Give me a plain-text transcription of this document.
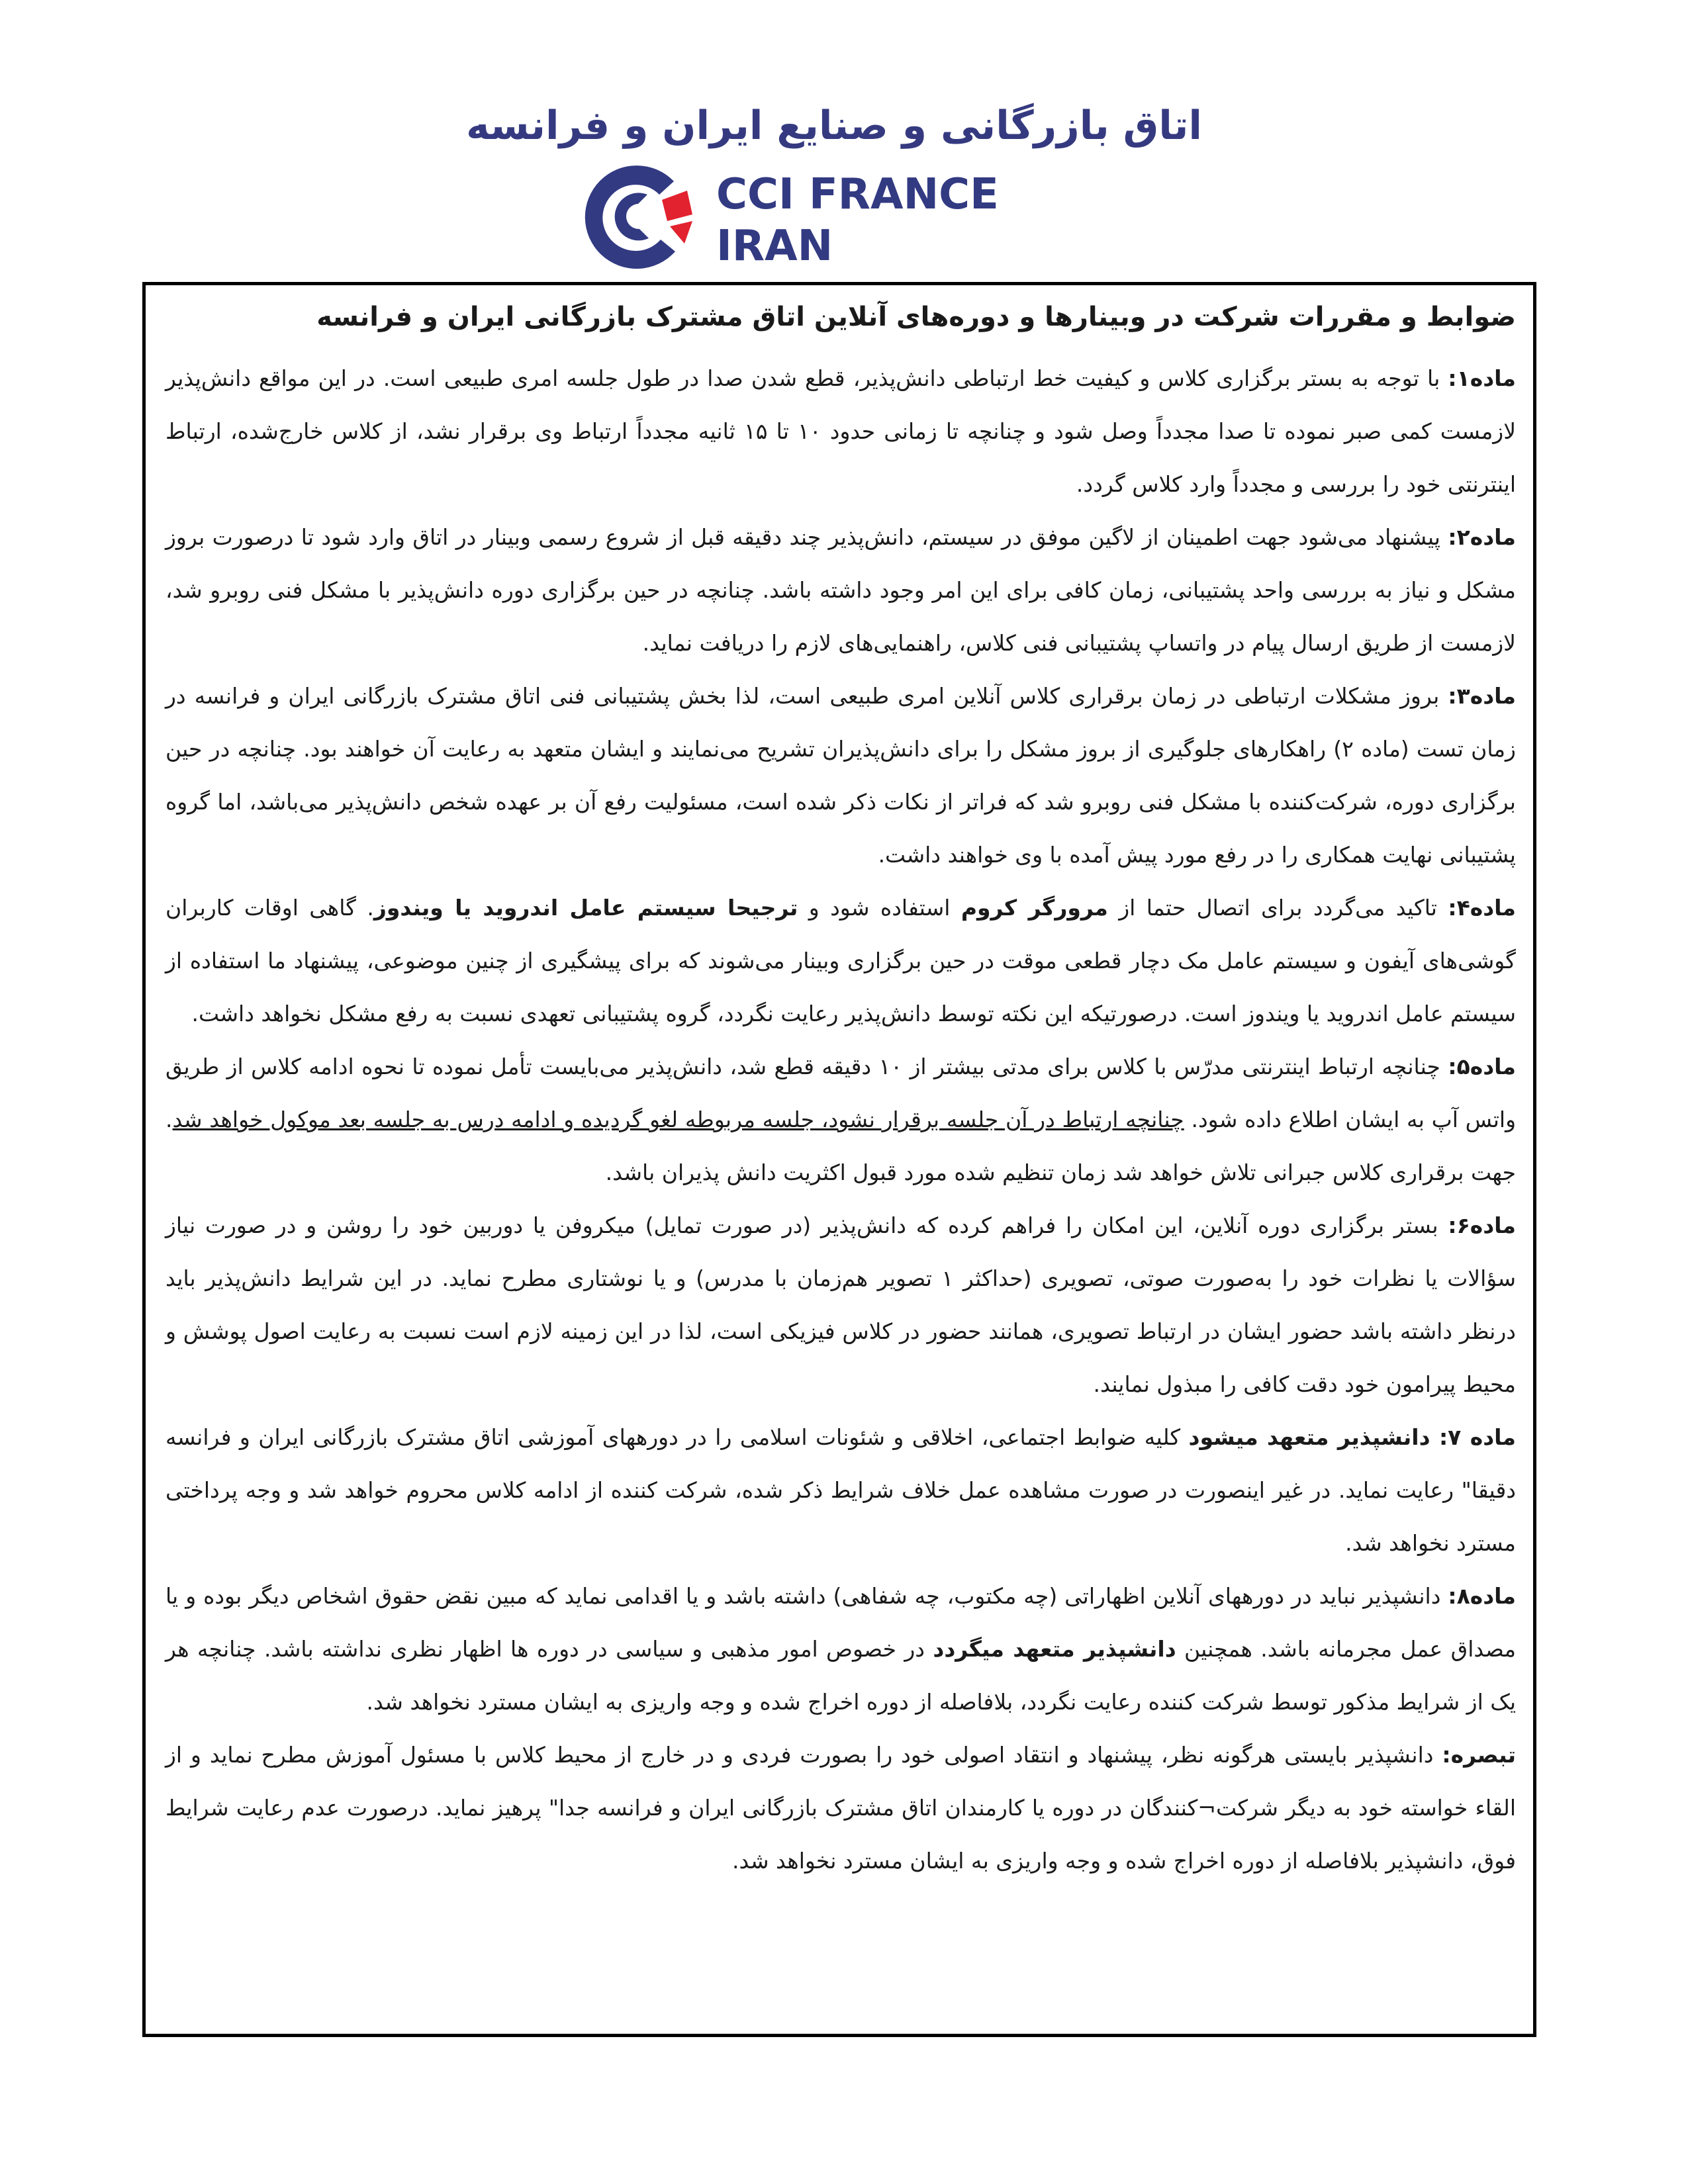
اتاق بازرگانی و صنایع ایران و فرانسه
CCI FRANCE
IRAN
ضوابط و مقررات شرکت در وبینارها و دوره‌های آنلاین اتاق مشترک بازرگانی ایران و فرانسه

ماده۱: با توجه به بستر برگزاری کلاس و کیفیت خط ارتباطی دانش‌پذیر، قطع شدن صدا در طول جلسه امری طبیعی است. در این مواقع دانش‌پذیر لازمست کمی صبر نموده تا صدا مجدداً وصل شود و چنانچه تا زمانی حدود ۱۰ تا ۱۵ ثانیه مجدداً ارتباط وی برقرار نشد، از کلاس خارج‌شده، ارتباط اینترنتی خود را بررسی و مجدداً وارد کلاس گردد.

ماده۲: پیشنهاد می‌شود جهت اطمینان از لاگین موفق در سیستم، دانش‌پذیر چند دقیقه قبل از شروع رسمی وبینار در اتاق وارد شود تا درصورت بروز مشکل و نیاز به بررسی واحد پشتیبانی، زمان کافی برای این امر وجود داشته باشد. چنانچه در حین برگزاری دوره دانش‌پذیر با مشکل فنی روبرو شد، لازمست از طریق ارسال پیام در واتساپ پشتیبانی فنی کلاس، راهنمایی‌های لازم را دریافت نماید.

ماده۳: بروز مشکلات ارتباطی در زمان برقراری کلاس آنلاین امری طبیعی است، لذا بخش پشتیبانی فنی اتاق مشترک بازرگانی ایران و فرانسه در زمان تست (ماده ۲) راهکارهای جلوگیری از بروز مشکل را برای دانش‌پذیران تشریح می‌نمایند و ایشان متعهد به رعایت آن خواهند بود. چنانچه در حین برگزاری دوره، شرکت‌کننده با مشکل فنی روبرو شد که فراتر از نکات ذکر شده است، مسئولیت رفع آن بر عهده شخص دانش‌پذیر می‌باشد، اما گروه پشتیبانی نهایت همکاری را در رفع مورد پیش آمده با وی خواهند داشت.

ماده۴: تاکید می‌گردد برای اتصال حتما از مرورگر کروم استفاده شود و ترجیحا سیستم عامل اندروید یا ویندوز. گاهی اوقات کاربران گوشی‌های آیفون و سیستم عامل مک دچار قطعی موقت در حین برگزاری وبینار می‌شوند که برای پیشگیری از چنین موضوعی، پیشنهاد ما استفاده از سیستم عامل اندروید یا ویندوز است. درصورتیکه این نکته توسط دانش‌پذیر رعایت نگردد، گروه پشتیبانی تعهدی نسبت به رفع مشکل نخواهد داشت.

ماده۵: چنانچه ارتباط اینترنتی مدرّس با کلاس برای مدتی بیشتر از ۱۰ دقیقه قطع شد، دانش‌پذیر می‌بایست تأمل نموده تا نحوه ادامه کلاس از طریق واتس آپ به ایشان اطلاع داده شود. چنانچه ارتباط در آن جلسه برقرار نشود، جلسه مربوطه لغو گردیده و ادامه درس به جلسه بعد موکول خواهد شد. جهت برقراری کلاس جبرانی تلاش خواهد شد زمان تنظیم شده مورد قبول اکثریت دانش پذیران باشد.

ماده۶: بستر برگزاری دوره آنلاین، این امکان را فراهم کرده که دانش‌پذیر (در صورت تمایل) میکروفن یا دوربین خود را روشن و در صورت نیاز سؤالات یا نظرات خود را به‌صورت صوتی، تصویری (حداکثر ۱ تصویر هم‌زمان با مدرس) و یا نوشتاری مطرح نماید. در این شرایط دانش‌پذیر باید درنظر داشته باشد حضور ایشان در ارتباط تصویری، همانند حضور در کلاس فیزیکی است، لذا در این زمینه لازم است نسبت به رعایت اصول پوشش و محیط پیرامون خود دقت کافی را مبذول نمایند.

ماده ۷: دانشپذیر متعهد میشود کلیه ضوابط اجتماعی، اخلاقی و شئونات اسلامی را در دورههای آموزشی اتاق مشترک بازرگانی ایران و فرانسه دقیقا" رعایت نماید. در غیر اینصورت در صورت مشاهده عمل خلاف شرایط ذکر شده، شرکت کننده از ادامه کلاس محروم خواهد شد و وجه پرداختی مسترد نخواهد شد.

ماده۸: دانشپذیر نباید در دورههای آنلاین اظهاراتی (چه مکتوب، چه شفاهی) داشته باشد و یا اقدامی نماید که مبین نقض حقوق اشخاص دیگر بوده و یا مصداق عمل مجرمانه باشد. همچنین دانشپذیر متعهد میگردد در خصوص امور مذهبی و سیاسی در دوره ها اظهار نظری نداشته باشد. چنانچه هر یک از شرایط مذکور توسط شرکت کننده رعایت نگردد، بلافاصله از دوره اخراج شده و وجه واریزی به ایشان مسترد نخواهد شد.

تبصره: دانشپذیر بایستی هرگونه نظر، پیشنهاد و انتقاد اصولی خود را بصورت فردی و در خارج از محیط کلاس با مسئول آموزش مطرح نماید و از القاء خواسته خود به دیگر شرکت¬کنندگان در دوره یا کارمندان اتاق مشترک بازرگانی ایران و فرانسه جدا" پرهیز نماید. درصورت عدم رعایت شرایط فوق، دانشپذیر بلافاصله از دوره اخراج شده و وجه واریزی به ایشان مسترد نخواهد شد.
